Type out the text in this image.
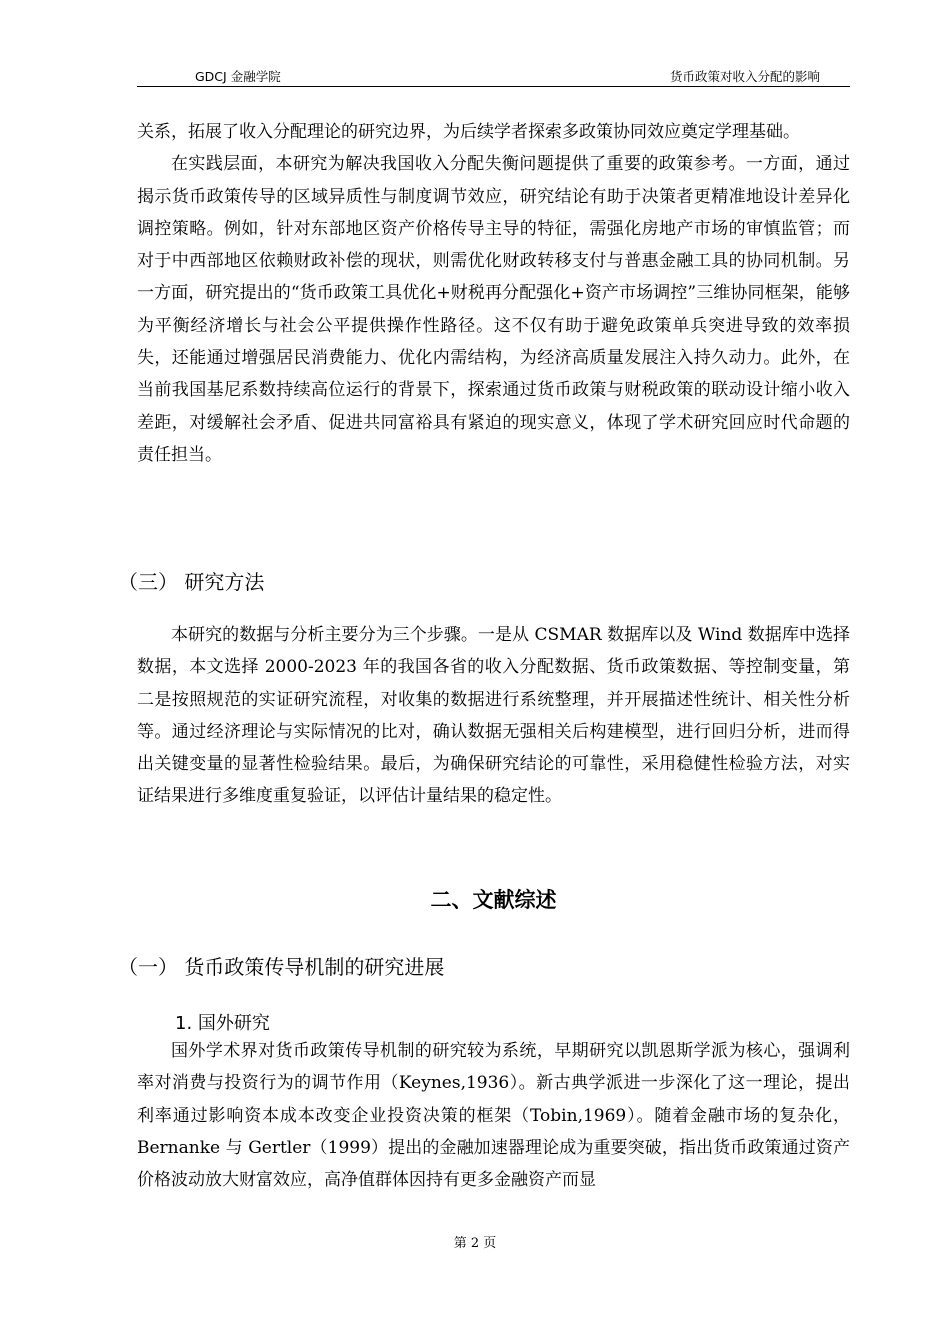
GDCJ 金融学院	货币政策对收入分配的影响

关系，拓展了收入分配理论的研究边界，为后续学者探索多政策协同效应奠定学理基础。

在实践层面，本研究为解决我国收入分配失衡问题提供了重要的政策参考。一方面，通过揭示货币政策传导的区域异质性与制度调节效应，研究结论有助于决策者更精准地设计差异化调控策略。例如，针对东部地区资产价格传导主导的特征，需强化房地产市场的审慎监管；而对于中西部地区依赖财政补偿的现状，则需优化财政转移支付与普惠金融工具的协同机制。另一方面，研究提出的“货币政策工具优化+财税再分配强化+资产市场调控”三维协同框架，能够为平衡经济增长与社会公平提供操作性路径。这不仅有助于避免政策单兵突进导致的效率损失，还能通过增强居民消费能力、优化内需结构，为经济高质量发展注入持久动力。此外，在当前我国基尼系数持续高位运行的背景下，探索通过货币政策与财税政策的联动设计缩小收入差距，对缓解社会矛盾、促进共同富裕具有紧迫的现实意义，体现了学术研究回应时代命题的责任担当。

（三） 研究方法

本研究的数据与分析主要分为三个步骤。一是从 CSMAR 数据库以及 Wind 数据库中选择数据，本文选择 2000-2023 年的我国各省的收入分配数据、货币政策数据、等控制变量，第二是按照规范的实证研究流程，对收集的数据进行系统整理，并开展描述性统计、相关性分析等。通过经济理论与实际情况的比对，确认数据无强相关后构建模型，进行回归分析，进而得出关键变量的显著性检验结果。最后，为确保研究结论的可靠性，采用稳健性检验方法，对实证结果进行多维度重复验证，以评估计量结果的稳定性。

二、文献综述
（一） 货币政策传导机制的研究进展
1. 国外研究

国外学术界对货币政策传导机制的研究较为系统，早期研究以凯恩斯学派为核心，强调利率对消费与投资行为的调节作用（Keynes,1936）。新古典学派进一步深化了这一理论，提出利率通过影响资本成本改变企业投资决策的框架（Tobin,1969）。随着金融市场的复杂化，Bernanke 与 Gertler（1999）提出的金融加速器理论成为重要突破，指出货币政策通过资产价格波动放大财富效应，高净值群体因持有更多金融资产而显

第 2 页
